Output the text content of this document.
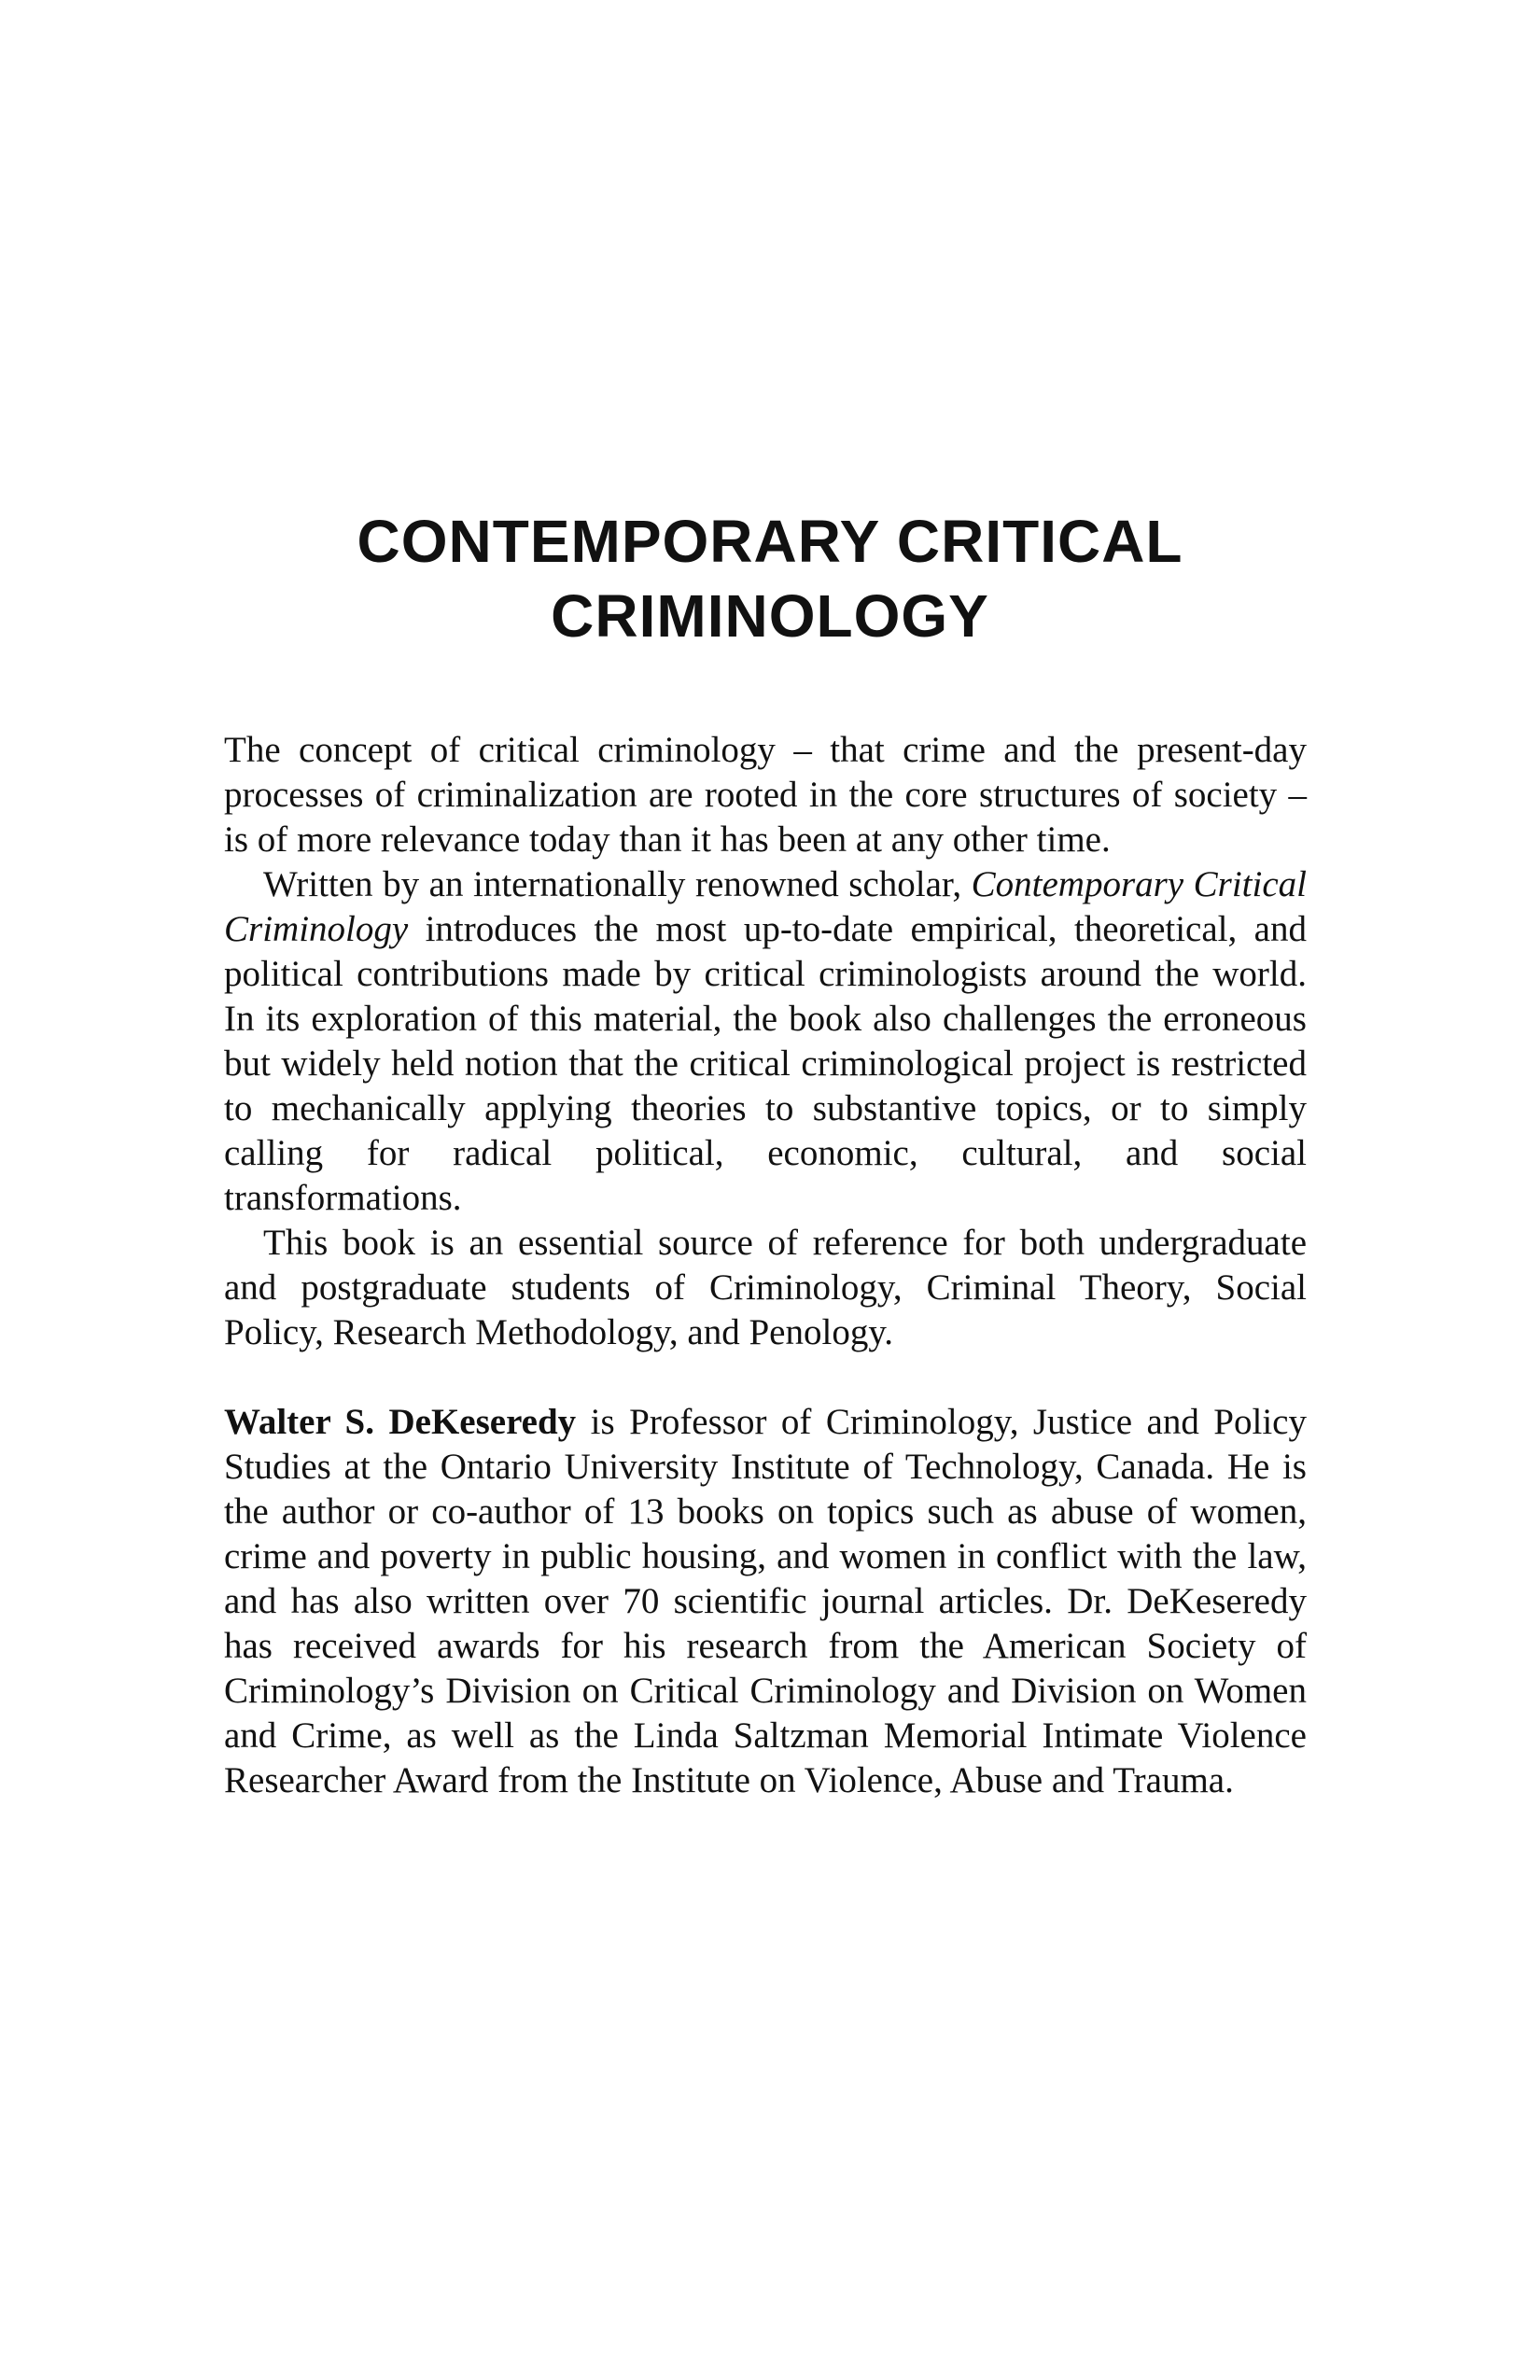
CONTEMPORARY CRITICAL
CRIMINOLOGY

The concept of critical criminology – that crime and the present-day processes of criminalization are rooted in the core structures of society – is of more relevance today than it has been at any other time.

Written by an internationally renowned scholar, Contemporary Critical Criminology introduces the most up-to-date empirical, theoretical, and political contributions made by critical criminologists around the world. In its exploration of this material, the book also challenges the erroneous but widely held notion that the critical criminological project is restricted to mechanically applying theories to substantive topics, or to simply calling for radical political, economic, cultural, and social transformations.

This book is an essential source of reference for both undergraduate and postgraduate students of Criminology, Criminal Theory, Social Policy, Research Methodology, and Penology.

Walter S. DeKeseredy is Professor of Criminology, Justice and Policy Studies at the Ontario University Institute of Technology, Canada. He is the author or co-author of 13 books on topics such as abuse of women, crime and poverty in public housing, and women in conflict with the law, and has also written over 70 scientific journal articles. Dr. DeKeseredy has received awards for his research from the American Society of Criminology’s Division on Critical Criminology and Division on Women and Crime, as well as the Linda Saltzman Memorial Intimate Violence Researcher Award from the Institute on Violence, Abuse and Trauma.
